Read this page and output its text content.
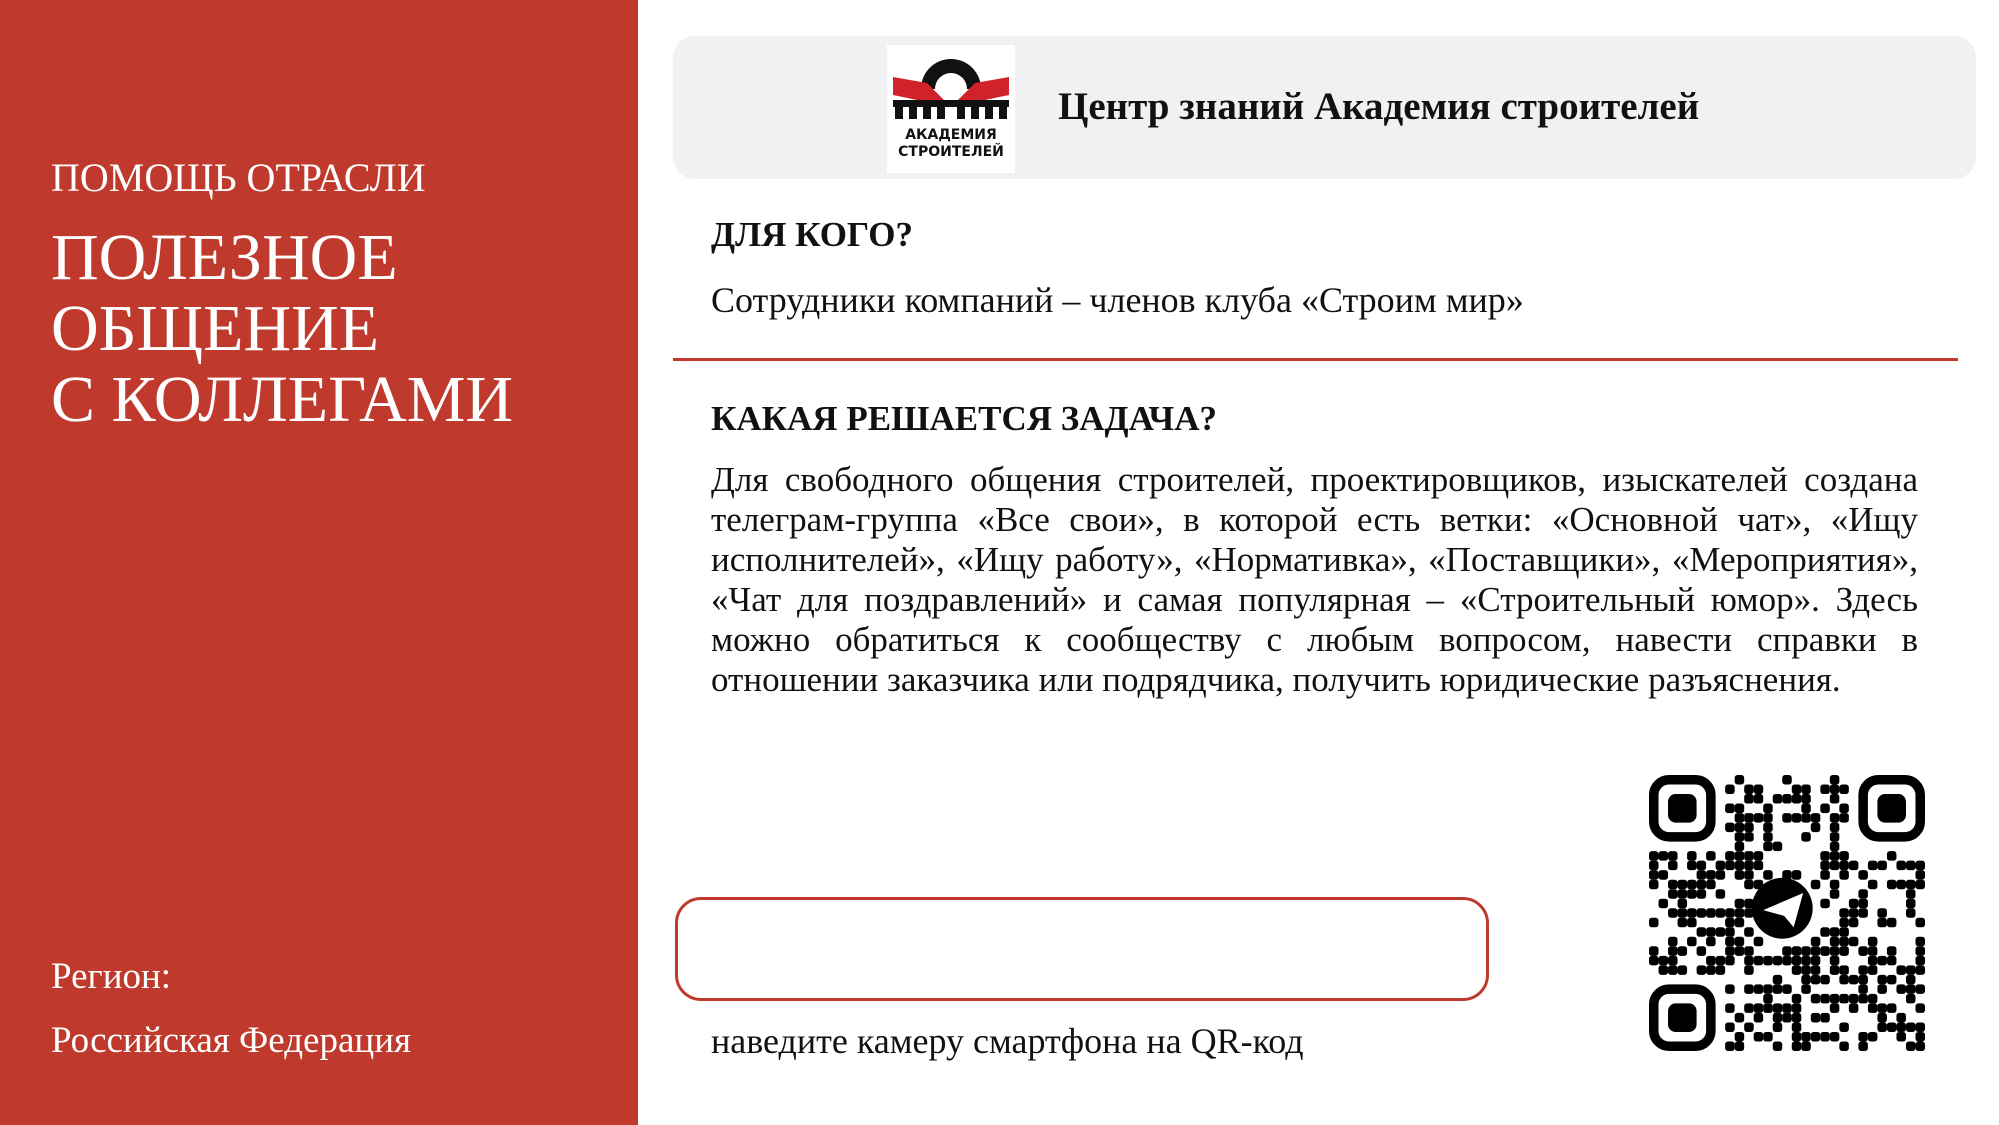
ПОМОЩЬ ОТРАСЛИ
ПОЛЕЗНОЕ
ОБЩЕНИЕ
С КОЛЛЕГАМИ
Регион:
Российская Федерация
АКАДЕМИЯ
СТРОИТЕЛЕЙ
Центр знаний Академия строителей
ДЛЯ КОГО?
Сотрудники компаний – членов клуба «Строим мир»
КАКАЯ РЕШАЕТСЯ ЗАДАЧА?
Для свободного общения строителей, проектировщиков, изыскателей создана телеграм-группа «Все свои», в которой есть ветки: «Основной чат», «Ищу исполнителей», «Ищу работу», «Нормативка», «Поставщики», «Мероприятия», «Чат для поздравлений» и самая популярная – «Строительный юмор». Здесь можно обратиться к сообществу с любым вопросом, навести справки в отношении заказчика или подрядчика, получить юридические разъяснения.
наведите камеру смартфона на QR-код
